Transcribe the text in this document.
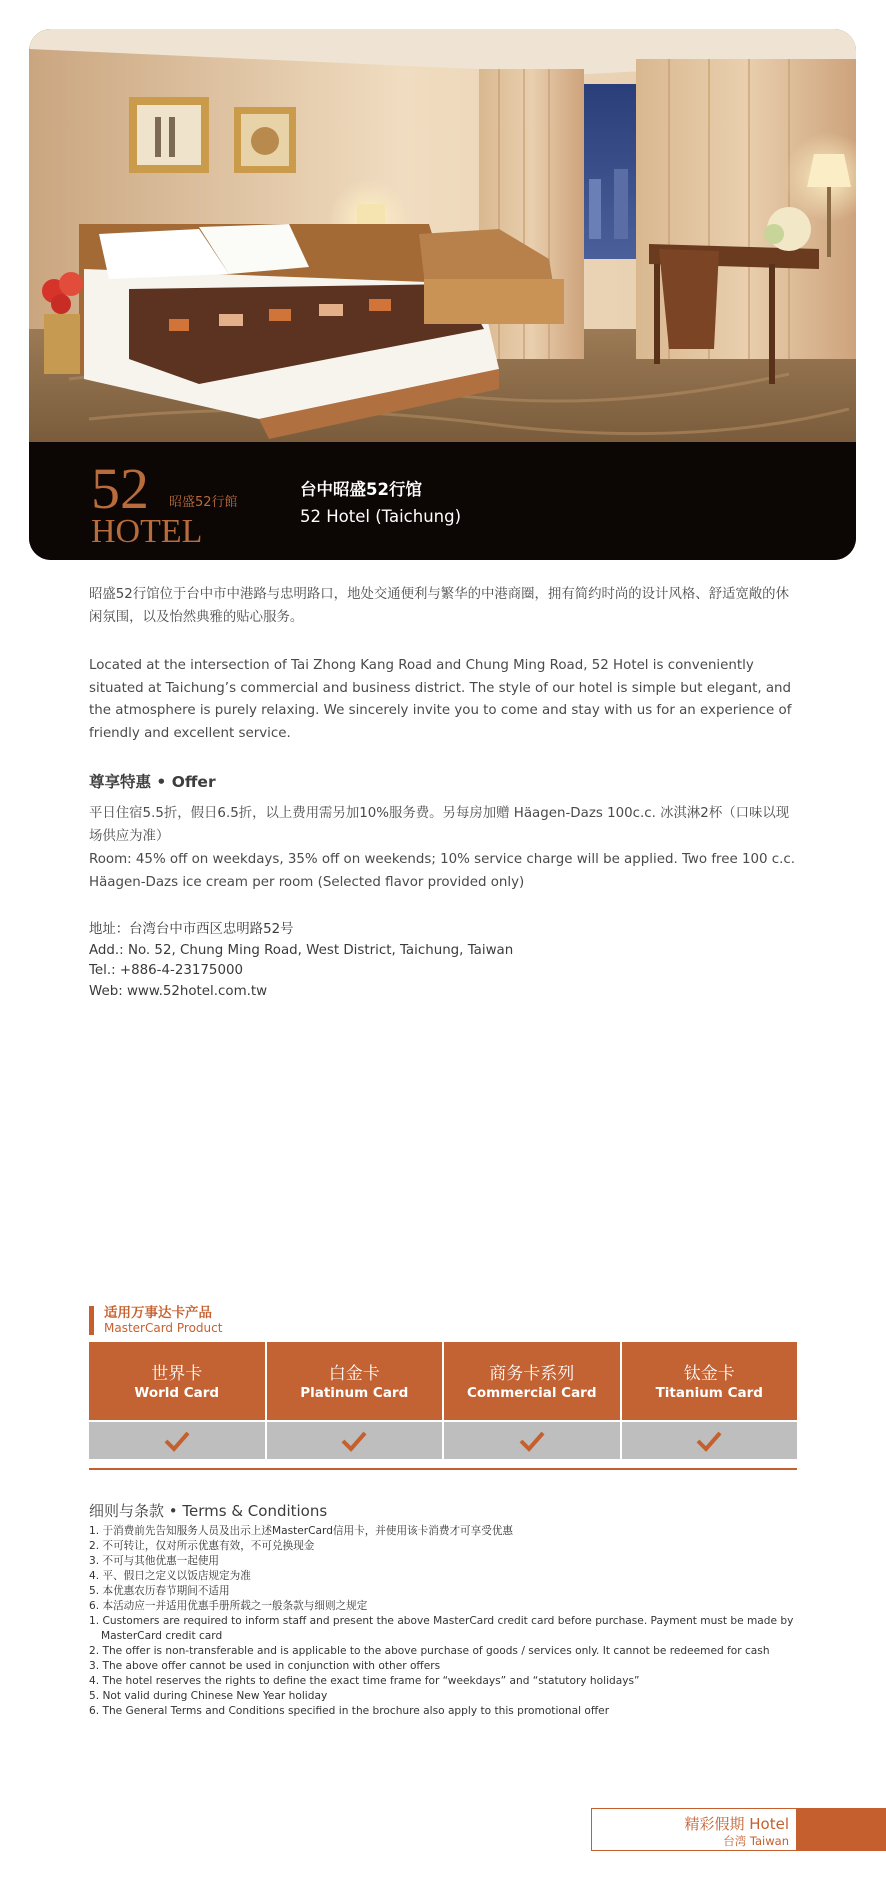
52
HOTEL
昭盛52行館
台中昭盛52行馆
52 Hotel (Taichung)
昭盛52行馆位于台中市中港路与忠明路口，地处交通便利与繁华的中港商圈，拥有简约时尚的设计风格、舒适宽敞的休闲氛围，以及怡然典雅的贴心服务。
Located at the intersection of Tai Zhong Kang Road and Chung Ming Road, 52 Hotel is conveniently situated at Taichung’s commercial and business district. The style of our hotel is simple but elegant, and the atmosphere is purely relaxing. We sincerely invite you to come and stay with us for an experience of friendly and excellent service.
尊享特惠 • Offer
平日住宿5.5折，假日6.5折，以上费用需另加10%服务费。另每房加赠 Häagen-Dazs 100c.c. 冰淇淋2杯（口味以现场供应为准）
Room: 45% off on weekdays, 35% off on weekends; 10% service charge will be applied. Two free 100 c.c. Häagen-Dazs ice cream per room (Selected flavor provided only)
地址：台湾台中市西区忠明路52号
Add.: No. 52, Chung Ming Road, West District, Taichung, Taiwan
Tel.: +886-4-23175000
Web: www.52hotel.com.tw
适用万事达卡产品
MasterCard Product
世界卡
World Card
白金卡
Platinum Card
商务卡系列
Commercial Card
钛金卡
Titanium Card
细则与条款 • Terms & Conditions
1. 于消费前先告知服务人员及出示上述MasterCard信用卡，并使用该卡消费才可享受优惠
2. 不可转让，仅对所示优惠有效，不可兑换现金
3. 不可与其他优惠一起使用
4. 平、假日之定义以饭店规定为准
5. 本优惠农历春节期间不适用
6. 本活动应一并适用优惠手册所载之一般条款与细则之规定
1. Customers are required to inform staff and present the above MasterCard credit card before purchase. Payment must be made by
MasterCard credit card
2. The offer is non-transferable and is applicable to the above purchase of goods / services only. It cannot be redeemed for cash
3. The above offer cannot be used in conjunction with other offers
4. The hotel reserves the rights to define the exact time frame for “weekdays” and “statutory holidays”
5. Not valid during Chinese New Year holiday
6. The General Terms and Conditions specified in the brochure also apply to this promotional offer
精彩假期 Hotel
台湾 Taiwan
